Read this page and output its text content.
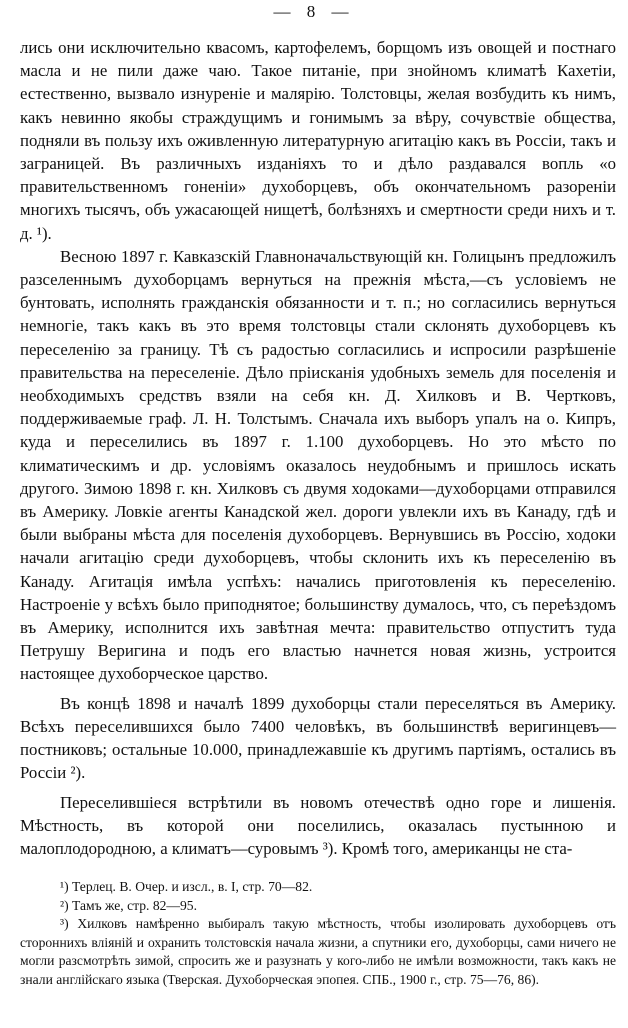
— 8 —

лись они исключительно квасомъ, картофелемъ, борщомъ изъ овощей и постнаго масла и не пили даже чаю. Такое питаніе, при знойномъ климатѣ Кахетіи, естественно, вызвало изнуреніе и малярію. Толстовцы, желая возбудить къ нимъ, какъ невинно якобы страждущимъ и гонимымъ за вѣру, сочувствіе общества, подняли въ пользу ихъ оживленную литературную агитацію какъ въ Россіи, такъ и заграницей. Въ различныхъ изданіяхъ то и дѣло раздавался вопль «о правительственномъ гоненіи» духоборцевъ, объ окончательномъ разореніи многихъ тысячъ, объ ужасающей нищетѣ, болѣзняхъ и смертности среди нихъ и т. д. ¹).

Весною 1897 г. Кавказскій Главноначальствующій кн. Голицынъ предложилъ разселеннымъ духоборцамъ вернуться на прежнія мѣста,—съ условіемъ не бунтовать, исполнять гражданскія обязанности и т. п.; но согласились вернуться немногіе, такъ какъ въ это время толстовцы стали склонять духоборцевъ къ переселенію за границу. Тѣ съ радостью согласились и испросили разрѣшеніе правительства на переселеніе. Дѣло пріисканія удобныхъ земель для поселенія и необходимыхъ средствъ взяли на себя кн. Д. Хилковъ и В. Чертковъ, поддерживаемые граф. Л. Н. Толстымъ. Сначала ихъ выборъ упалъ на о. Кипръ, куда и переселились въ 1897 г. 1.100 духоборцевъ. Но это мѣсто по климатическимъ и др. условіямъ оказалось неудобнымъ и пришлось искать другого. Зимою 1898 г. кн. Хилковъ съ двумя ходоками—духоборцами отправился въ Америку. Ловкіе агенты Канадской жел. дороги увлекли ихъ въ Канаду, гдѣ и были выбраны мѣста для поселенія духоборцевъ. Вернувшись въ Россію, ходоки начали агитацію среди духоборцевъ, чтобы склонить ихъ къ переселенію въ Канаду. Агитація имѣла успѣхъ: начались приготовленія къ переселенію. Настроеніе у всѣхъ было приподнятое; большинству думалось, что, съ переѣздомъ въ Америку, исполнится ихъ завѣтная мечта: правительство отпуститъ туда Петрушу Веригина и подъ его властью начнется новая жизнь, устроится настоящее духоборческое царство.

Въ концѣ 1898 и началѣ 1899 духоборцы стали переселяться въ Америку. Всѣхъ переселившихся было 7400 человѣкъ, въ большинствѣ веригинцевъ—постниковъ; остальные 10.000, принадлежавшіе къ другимъ партіямъ, остались въ Россіи ²).

Переселившіеся встрѣтили въ новомъ отечествѣ одно горе и лишенія. Мѣстность, въ которой они поселились, оказалась пустынною и малоплодородною, а климатъ—суровымъ ³). Кромѣ того, американцы не ста-

¹) Терлец. В. Очер. и изсл., в. I, стр. 70—82.

²) Тамъ же, стр. 82—95.

³) Хилковъ намѣренно выбиралъ такую мѣстность, чтобы изолировать духоборцевъ отъ стороннихъ вліяній и охранить толстовскія начала жизни, а спутники его, духоборцы, сами ничего не могли разсмотрѣть зимой, спросить же и разузнать у кого-либо не имѣли возможности, такъ какъ не знали англійскаго языка (Тверская. Духоборческая эпопея. СПБ., 1900 г., стр. 75—76, 86).
